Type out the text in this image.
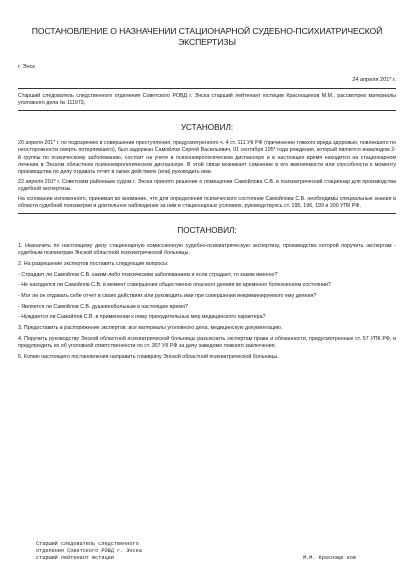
ПОСТАНОВЛЕНИЕ О НАЗНАЧЕНИИ СТАЦИОНАРНОЙ СУДЕБНО-ПСИХИАТРИЧЕСКОЙ ЭКСПЕРТИЗЫ
г. Энск
24 апреля 201* г.

Старший следователь следственного отделения Советского РОВД г. Энска старший лейтенант юстиции Краснощеков М.М., рассмотрев материалы уголовного дела № 111973,

УСТАНОВИЛ:

20 апреля 201* г. по подозрению в совершении преступления, предусмотренного ч. 4 ст. 111 УК РФ (причинение тяжкого вреда здоровью, повлекшего по неосторожности смерть потерпевшего), был задержан Самойлов Сергей Васильевич, 01 сентября 195* года рождения, который является инвалидом 2-й группы по психическому заболеванию, состоит на учете в психоневрологическом диспансере и в настоящее время находится на стационарном лечении в Энском областном психоневрологическом диспансере. В этой связи возникает сомнение в его вменяемости или способности к моменту производства по делу отдавать отчет в своих действиях (или) руководить ими.

22 апреля 201* г. Советским районным судом г. Энска принято решение о помещении Самойлова С.В. в психиатрический стационар для производства судебной экспертизы.

На основании изложенного, принимая во внимание, что для определения психического состояния Самойлова С.В. необходимы специальные знания в области судебной психиатрии и длительное наблюдение за ним в стационарных условиях, руководствуясь ст. 195, 196, 199 и 200 УПК РФ,

ПОСТАНОВИЛ:

1. Назначить по настоящему делу стационарную комиссионную судебно-психиатрическую экспертизу, производство которой поручить экспертам - судебным психиатрам Энской областной психиатрической больницы.

2. На разрешение экспертов поставить следующие вопросы:

- Страдает ли Самойлов С.В. каким-либо психическим заболеванием и если страдает, то каким именно?

- Не находился ли Самойлов С.В. в момент совершения общественно опасного деяния во временно болезненном состоянии?

- Мог ли он отдавать себе отчет в своих действиях или руководить ими при совершении инкриминируемого ему деяния?

- Является ли Самойлов С.В. душевнобольным в настоящее время?

- Нуждается ли Самойлов С.В. в применении к нему принудительных мер медицинского характера?

3. Предоставить в распоряжение экспертов: все материалы уголовного дела, медицинскую документацию.

4. Поручить руководству Энской областной психиатрической больницы разъяснить экспертам права и обязанности, предусмотренные ст. 57 УПК РФ, и предупредить их об уголовной ответственности по ст. 307 УК РФ за дачу заведомо ложного заключения.

5. Копию настоящего постановления направить главврачу Энской областной психиатрической больницы.

Старший следователь следственного
отделения Советского РОВД г. Энска
старший лейтенант юстиции	М.М. Красноще ков
